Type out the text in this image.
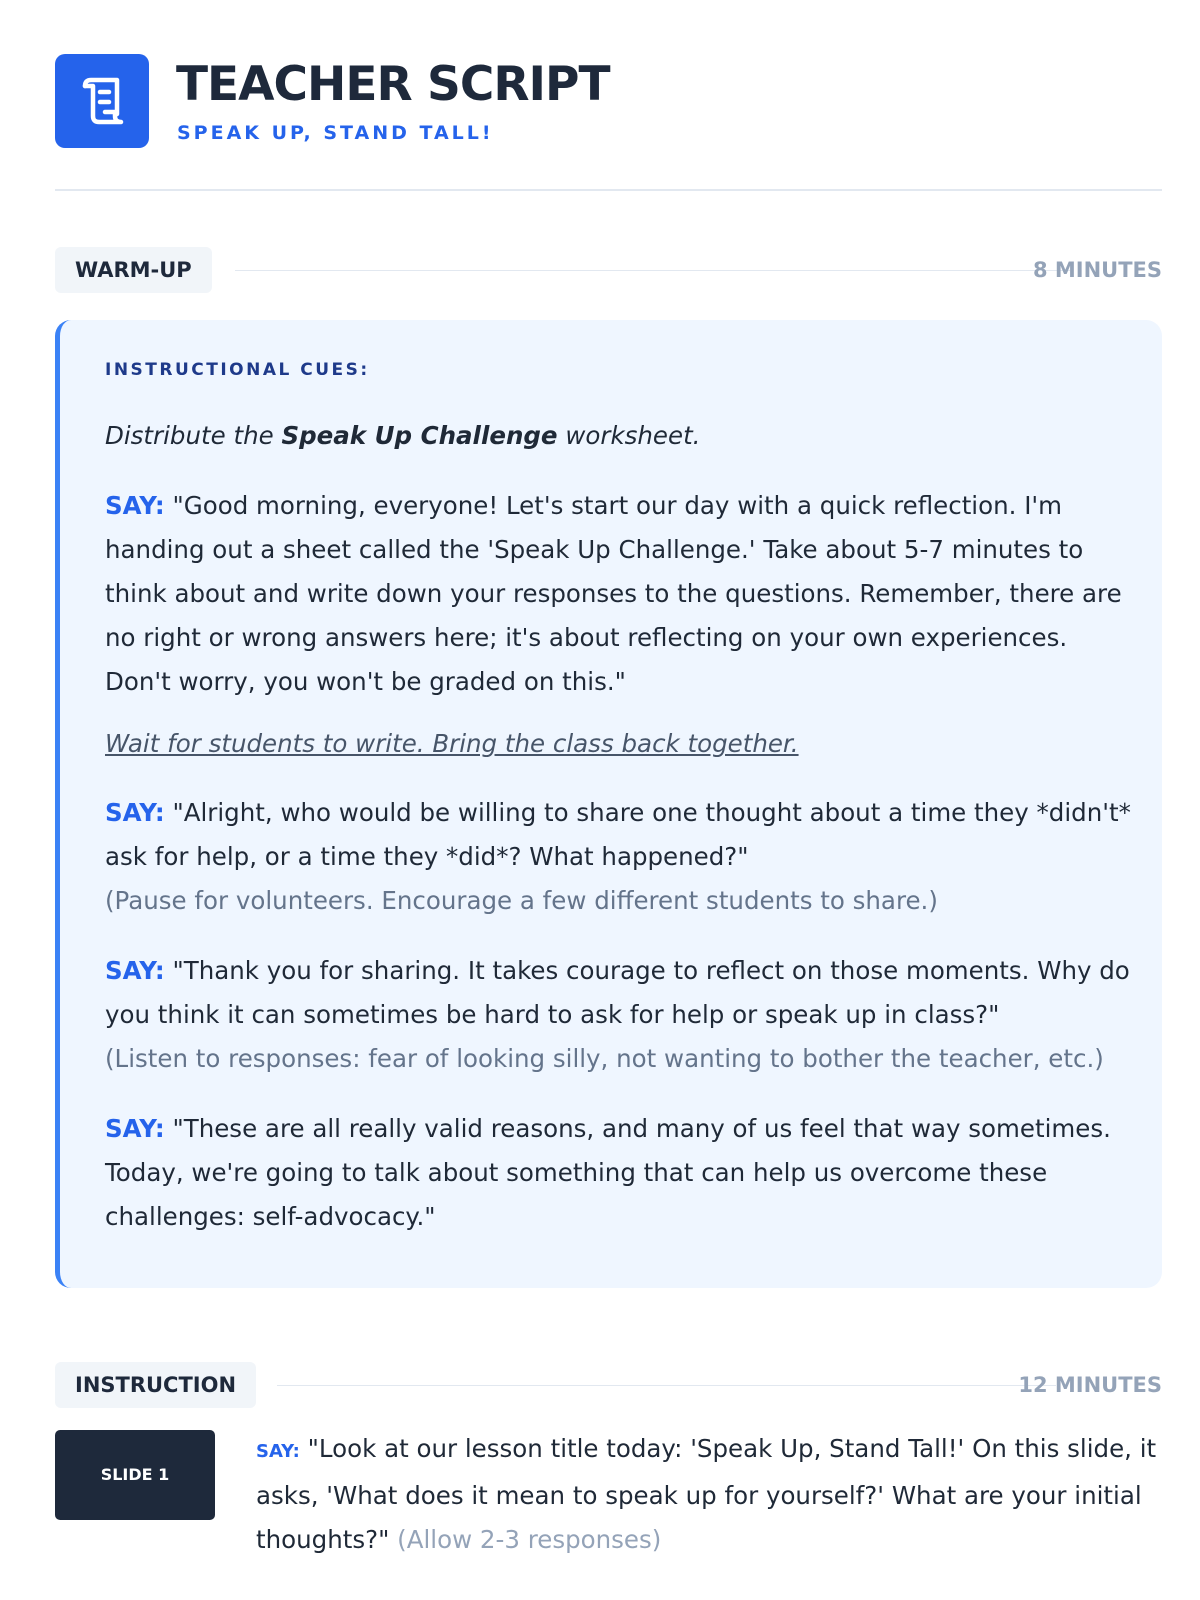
TEACHER SCRIPT
SPEAK UP, STAND TALL!
WARM-UP	8 MINUTES
INSTRUCTIONAL CUES:
Distribute the Speak Up Challenge worksheet.
SAY: "Good morning, everyone! Let's start our day with a quick reflection. I'm handing out a sheet called the 'Speak Up Challenge.' Take about 5-7 minutes to think about and write down your responses to the questions. Remember, there are no right or wrong answers here; it's about reflecting on your own experiences. Don't worry, you won't be graded on this."
Wait for students to write. Bring the class back together.
SAY: "Alright, who would be willing to share one thought about a time they *didn't* ask for help, or a time they *did*? What happened?"
(Pause for volunteers. Encourage a few different students to share.)
SAY: "Thank you for sharing. It takes courage to reflect on those moments. Why do you think it can sometimes be hard to ask for help or speak up in class?"
(Listen to responses: fear of looking silly, not wanting to bother the teacher, etc.)
SAY: "These are all really valid reasons, and many of us feel that way sometimes. Today, we're going to talk about something that can help us overcome these challenges: self-advocacy."
INSTRUCTION	12 MINUTES
SLIDE 1
SAY: "Look at our lesson title today: 'Speak Up, Stand Tall!' On this slide, it asks, 'What does it mean to speak up for yourself?' What are your initial thoughts?" (Allow 2-3 responses)
